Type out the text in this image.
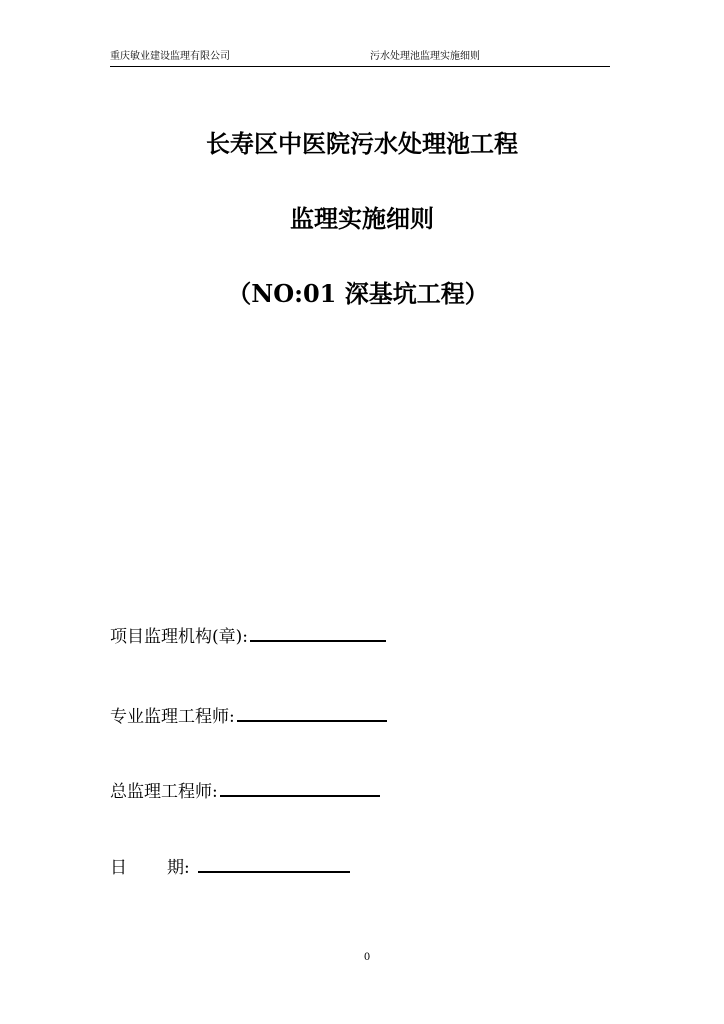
重庆敏业建设监理有限公司	污水处理池监理实施细则
长寿区中医院污水处理池工程
监理实施细则
（NO:01 深基坑工程）
项目监理机构(章):
专业监理工程师:
总监理工程师:
日 期:
0
